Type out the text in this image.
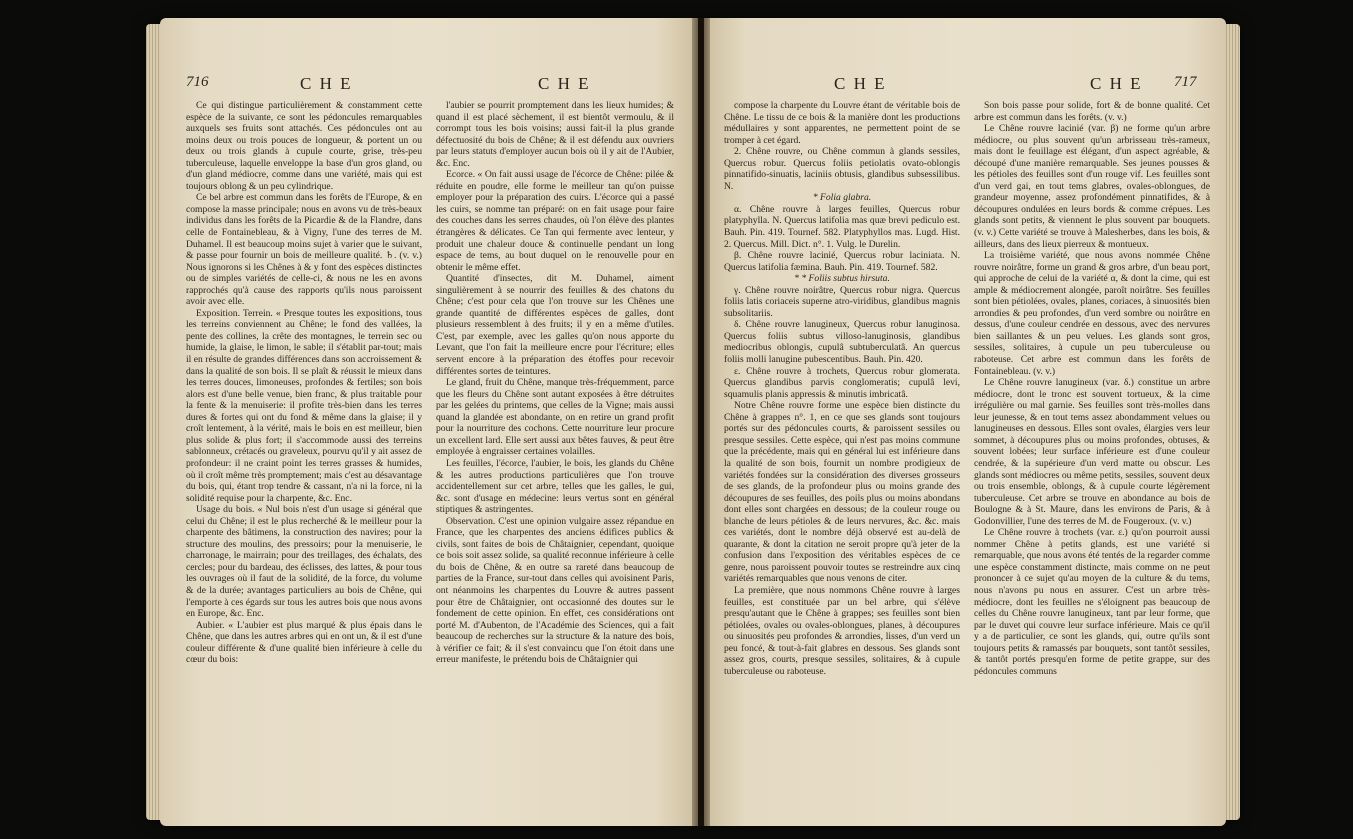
716	C H E	C H E

Ce qui distingue particulièrement & constamment cette espèce de la suivante, ce sont les pédoncules remarquables auxquels ses fruits sont attachés. Ces pédoncules ont au moins deux ou trois pouces de longueur, & portent un ou deux ou trois glands à cupule courte, grise, très-peu tuberculeuse, laquelle enveloppe la base d'un gros gland, ou d'un gland médiocre, comme dans une variété, mais qui est toujours oblong & un peu cylindrique.

Ce bel arbre est commun dans les forêts de l'Europe, & en compose la masse principale; nous en avons vu de très-beaux individus dans les forêts de la Picardie & de la Flandre, dans celle de Fontainebleau, & à Vigny, l'une des terres de M. Duhamel. Il est beaucoup moins sujet à varier que le suivant, & passe pour fournir un bois de meilleure qualité. ♄. (v. v.) Nous ignorons si les Chênes à & y font des espèces distinctes ou de simples variétés de celle-ci, & nous ne les en avons rapprochés qu'à cause des rapports qu'ils nous paroissent avoir avec elle.

Exposition. Terrein. « Presque toutes les expositions, tous les terreins conviennent au Chêne; le fond des vallées, la pente des collines, la crête des montagnes, le terrein sec ou humide, la glaise, le limon, le sable; il s'établit par-tout; mais il en résulte de grandes différences dans son accroissement & dans la qualité de son bois. Il se plaît & réussit le mieux dans les terres douces, limoneuses, profondes & fertiles; son bois alors est d'une belle venue, bien franc, & plus traitable pour la fente & la menuiserie: il profite très-bien dans les terres dures & fortes qui ont du fond & même dans la glaise; il y croît lentement, à la vérité, mais le bois en est meilleur, bien plus solide & plus fort; il s'accommode aussi des terreins sablonneux, crétacés ou graveleux, pourvu qu'il y ait assez de profondeur: il ne craint point les terres grasses & humides, où il croît même très promptement; mais c'est au désavantage du bois, qui, étant trop tendre & cassant, n'a ni la force, ni la solidité requise pour la charpente, &c. Enc.

Usage du bois. « Nul bois n'est d'un usage si général que celui du Chêne; il est le plus recherché & le meilleur pour la charpente des bâtimens, la construction des navires; pour la structure des moulins, des pressoirs; pour la menuiserie, le charronage, le mairrain; pour des treillages, des échalats, des cercles; pour du bardeau, des éclisses, des lattes, & pour tous les ouvrages où il faut de la solidité, de la force, du volume & de la durée; avantages particuliers au bois de Chêne, qui l'emporte à ces égards sur tous les autres bois que nous avons en Europe, &c. Enc.

Aubier. « L'aubier est plus marqué & plus épais dans le Chêne, que dans les autres arbres qui en ont un, & il est d'une couleur différente & d'une qualité bien inférieure à celle du cœur du bois:

l'aubier se pourrit promptement dans les lieux humides; & quand il est placé sèchement, il est bientôt vermoulu, & il corrompt tous les bois voisins; aussi fait-il la plus grande défectuosité du bois de Chêne; & il est défendu aux ouvriers par leurs statuts d'employer aucun bois où il y ait de l'Aubier, &c. Enc.

Ecorce. « On fait aussi usage de l'écorce de Chêne: pilée & réduite en poudre, elle forme le meilleur tan qu'on puisse employer pour la préparation des cuirs. L'écorce qui a passé les cuirs, se nomme tan préparé: on en fait usage pour faire des couches dans les serres chaudes, où l'on élève des plantes étrangères & délicates. Ce Tan qui fermente avec lenteur, y produit une chaleur douce & continuelle pendant un long espace de tems, au bout duquel on le renouvelle pour en obtenir le même effet.

Quantité d'insectes, dit M. Duhamel, aiment singulièrement à se nourrir des feuilles & des chatons du Chêne; c'est pour cela que l'on trouve sur les Chênes une grande quantité de différentes espèces de galles, dont plusieurs ressemblent à des fruits; il y en a même d'utiles. C'est, par exemple, avec les galles qu'on nous apporte du Levant, que l'on fait la meilleure encre pour l'écriture; elles servent encore à la préparation des étoffes pour recevoir différentes sortes de teintures.

Le gland, fruit du Chêne, manque très-fréquemment, parce que les fleurs du Chêne sont autant exposées à être détruites par les gelées du printems, que celles de la Vigne; mais aussi quand la glandée est abondante, on en retire un grand profit pour la nourriture des cochons. Cette nourriture leur procure un excellent lard. Elle sert aussi aux bêtes fauves, & peut être employée à engraisser certaines volailles.

Les feuilles, l'écorce, l'aubier, le bois, les glands du Chêne & les autres productions particulières que l'on trouve accidentellement sur cet arbre, telles que les galles, le gui, &c. sont d'usage en médecine: leurs vertus sont en général stiptiques & astringentes.

Observation. C'est une opinion vulgaire assez répandue en France, que les charpentes des anciens édifices publics & civils, sont faites de bois de Châtaignier, cependant, quoique ce bois soit assez solide, sa qualité reconnue inférieure à celle du bois de Chêne, & en outre sa rareté dans beaucoup de parties de la France, sur-tout dans celles qui avoisinent Paris, ont néanmoins les charpentes du Louvre & autres passent pour être de Châtaignier, ont occasionné des doutes sur le fondement de cette opinion. En effet, ces considérations ont porté M. d'Aubenton, de l'Académie des Sciences, qui a fait beaucoup de recherches sur la structure & la nature des bois, à vérifier ce fait; & il s'est convaincu que l'on étoit dans une erreur manifeste, le prétendu bois de Châtaignier qui

C H E	C H E 717

compose la charpente du Louvre étant de véritable bois de Chêne. Le tissu de ce bois & la manière dont les productions médullaires y sont apparentes, ne permettent point de se tromper à cet égard.

2. Chêne rouvre, ou Chêne commun à glands sessiles, Quercus robur. Quercus foliis petiolatis ovato-oblongis pinnatifido-sinuatis, laciniis obtusis, glandibus subsessilibus. N.

* Folia glabra.

α. Chêne rouvre à larges feuilles, Quercus robur platyphylla. N. Quercus latifolia mas quæ brevi pediculo est. Bauh. Pin. 419. Tournef. 582. Platyphyllos mas. Lugd. Hist. 2. Quercus. Mill. Dict. n°. 1. Vulg. le Durelin.

β. Chêne rouvre lacinié, Quercus robur laciniata. N. Quercus latifolia fæmina. Bauh. Pin. 419. Tournef. 582.

* * Foliis subtus hirsuta.

γ. Chêne rouvre noirâtre, Quercus robur nigra. Quercus foliis latis coriaceis superne atro-viridibus, glandibus magnis subsolitariis.

δ. Chêne rouvre lanugineux, Quercus robur lanuginosa. Quercus foliis subtus villoso-lanuginosis, glandibus mediocribus oblongis, cupulâ subtuberculatâ. An quercus foliis molli lanugine pubescentibus. Bauh. Pin. 420.

ε. Chêne rouvre à trochets, Quercus robur glomerata. Quercus glandibus parvis conglomeratis; cupulâ levi, squamulis planis appressis & minutis imbricatâ.

Notre Chêne rouvre forme une espèce bien distincte du Chêne à grappes n°. 1, en ce que ses glands sont toujours portés sur des pédoncules courts, & paroissent sessiles ou presque sessiles. Cette espèce, qui n'est pas moins commune que la précédente, mais qui en général lui est inférieure dans la qualité de son bois, fournit un nombre prodigieux de variétés fondées sur la considération des diverses grosseurs de ses glands, de la profondeur plus ou moins grande des découpures de ses feuilles, des poils plus ou moins abondans dont elles sont chargées en dessous; de la couleur rouge ou blanche de leurs pétioles & de leurs nervures, &c. &c. mais ces variétés, dont le nombre déjà observé est au-delà de quarante, & dont la citation ne seroit propre qu'à jeter de la confusion dans l'exposition des véritables espèces de ce genre, nous paroissent pouvoir toutes se restreindre aux cinq variétés remarquables que nous venons de citer.

La première, que nous nommons Chêne rouvre à larges feuilles, est constituée par un bel arbre, qui s'élève presqu'autant que le Chêne à grappes; ses feuilles sont bien pétiolées, ovales ou ovales-oblongues, planes, à découpures ou sinuosités peu profondes & arrondies, lisses, d'un verd un peu foncé, & tout-à-fait glabres en dessous. Ses glands sont assez gros, courts, presque sessiles, solitaires, & à cupule tuberculeuse ou raboteuse.

Son bois passe pour solide, fort & de bonne qualité. Cet arbre est commun dans les forêts. (v. v.)

Le Chêne rouvre lacinié (var. β) ne forme qu'un arbre médiocre, ou plus souvent qu'un arbrisseau très-rameux, mais dont le feuillage est élégant, d'un aspect agréable, & découpé d'une manière remarquable. Ses jeunes pousses & les pétioles des feuilles sont d'un rouge vif. Les feuilles sont d'un verd gai, en tout tems glabres, ovales-oblongues, de grandeur moyenne, assez profondément pinnatifides, & à découpures ondulées en leurs bords & comme crépues. Les glands sont petits, & viennent le plus souvent par bouquets. (v. v.) Cette variété se trouve à Malesherbes, dans les bois, & ailleurs, dans des lieux pierreux & montueux.

La troisième variété, que nous avons nommée Chêne rouvre noirâtre, forme un grand & gros arbre, d'un beau port, qui approche de celui de la variété α, & dont la cime, qui est ample & médiocrement alongée, paroît noirâtre. Ses feuilles sont bien pétiolées, ovales, planes, coriaces, à sinuosités bien arrondies & peu profondes, d'un verd sombre ou noirâtre en dessus, d'une couleur cendrée en dessous, avec des nervures bien saillantes & un peu velues. Les glands sont gros, sessiles, solitaires, à cupule un peu tuberculeuse ou raboteuse. Cet arbre est commun dans les forêts de Fontainebleau. (v. v.)

Le Chêne rouvre lanugineux (var. δ.) constitue un arbre médiocre, dont le tronc est souvent tortueux, & la cime irrégulière ou mal garnie. Ses feuilles sont très-molles dans leur jeunesse, & en tout tems assez abondamment velues ou lanugineuses en dessous. Elles sont ovales, élargies vers leur sommet, à découpures plus ou moins profondes, obtuses, & souvent lobées; leur surface inférieure est d'une couleur cendrée, & la supérieure d'un verd matte ou obscur. Les glands sont médiocres ou même petits, sessiles, souvent deux ou trois ensemble, oblongs, & à cupule courte légèrement tuberculeuse. Cet arbre se trouve en abondance au bois de Boulogne & à St. Maure, dans les environs de Paris, & à Godonvillier, l'une des terres de M. de Fougeroux. (v. v.)

Le Chêne rouvre à trochets (var. ε.) qu'on pourroit aussi nommer Chêne à petits glands, est une variété si remarquable, que nous avons été tentés de la regarder comme une espèce constamment distincte, mais comme on ne peut prononcer à ce sujet qu'au moyen de la culture & du tems, nous n'avons pu nous en assurer. C'est un arbre très-médiocre, dont les feuilles ne s'éloignent pas beaucoup de celles du Chêne rouvre lanugineux, tant par leur forme, que par le duvet qui couvre leur surface inférieure. Mais ce qu'il y a de particulier, ce sont les glands, qui, outre qu'ils sont toujours petits & ramassés par bouquets, sont tantôt sessiles, & tantôt portés presqu'en forme de petite grappe, sur des pédoncules communs
